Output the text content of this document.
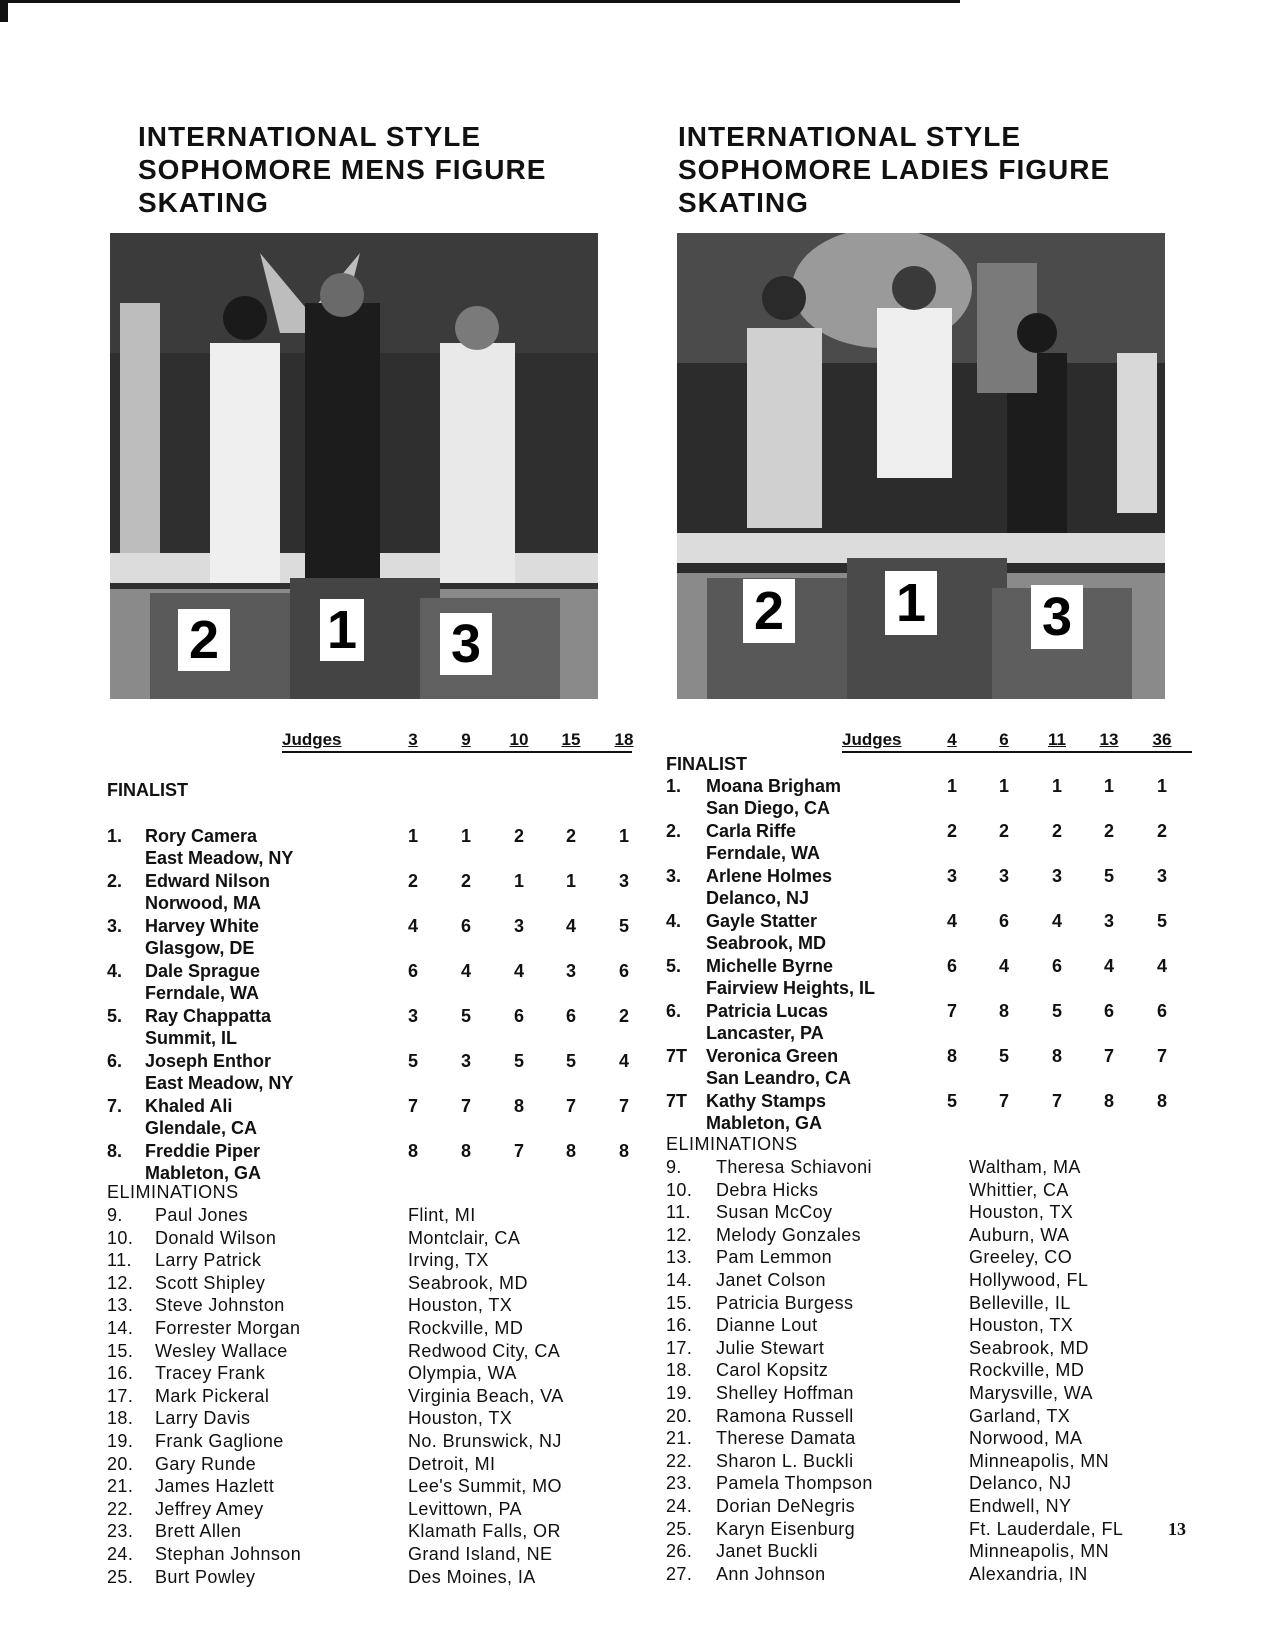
INTERNATIONAL STYLE
SOPHOMORE MENS FIGURE
SKATING
2 1 3
Judges	3	9	10	15	18
FINALIST
1. Rory Camera
East Meadow, NY
1	1	2	2	1
2. Edward Nilson
Norwood, MA
2	2	1	1	3
3. Harvey White
Glasgow, DE
4	6	3	4	5
4. Dale Sprague
Ferndale, WA
6	4	4	3	6
5. Ray Chappatta
Summit, IL
3	5	6	6	2
6. Joseph Enthor
East Meadow, NY
5	3	5	5	4
7. Khaled Ali
Glendale, CA
7	7	8	7	7
8. Freddie Piper
Mableton, GA
8	8	7	8	8
ELIMINATIONS
9. Paul Jones	Flint, MI
10. Donald Wilson	Montclair, CA
11. Larry Patrick	Irving, TX
12. Scott Shipley	Seabrook, MD
13. Steve Johnston	Houston, TX
14. Forrester Morgan	Rockville, MD
15. Wesley Wallace	Redwood City, CA
16. Tracey Frank	Olympia, WA
17. Mark Pickeral	Virginia Beach, VA
18. Larry Davis	Houston, TX
19. Frank Gaglione	No. Brunswick, NJ
20. Gary Runde	Detroit, MI
21. James Hazlett	Lee's Summit, MO
22. Jeffrey Amey	Levittown, PA
23. Brett Allen	Klamath Falls, OR
24. Stephan Johnson	Grand Island, NE
25. Burt Powley	Des Moines, IA
INTERNATIONAL STYLE
SOPHOMORE LADIES FIGURE
SKATING
2 1 3
Judges	4	6	11	13	36
FINALIST
1. Moana Brigham
San Diego, CA
1	1	1	1	1
2. Carla Riffe
Ferndale, WA
2	2	2	2	2
3. Arlene Holmes
Delanco, NJ
3	3	3	5	3
4. Gayle Statter
Seabrook, MD
4	6	4	3	5
5. Michelle Byrne
Fairview Heights, IL
6	4	6	4	4
6. Patricia Lucas
Lancaster, PA
7	8	5	6	6
7T Veronica Green
San Leandro, CA
8	5	8	7	7
7T Kathy Stamps
Mableton, GA
5	7	7	8	8
ELIMINATIONS
9. Theresa Schiavoni	Waltham, MA
10. Debra Hicks	Whittier, CA
11. Susan McCoy	Houston, TX
12. Melody Gonzales	Auburn, WA
13. Pam Lemmon	Greeley, CO
14. Janet Colson	Hollywood, FL
15. Patricia Burgess	Belleville, IL
16. Dianne Lout	Houston, TX
17. Julie Stewart	Seabrook, MD
18. Carol Kopsitz	Rockville, MD
19. Shelley Hoffman	Marysville, WA
20. Ramona Russell	Garland, TX
21. Therese Damata	Norwood, MA
22. Sharon L. Buckli	Minneapolis, MN
23. Pamela Thompson	Delanco, NJ
24. Dorian DeNegris	Endwell, NY
25. Karyn Eisenburg	Ft. Lauderdale, FL
26. Janet Buckli	Minneapolis, MN
27. Ann Johnson	Alexandria, IN
13
